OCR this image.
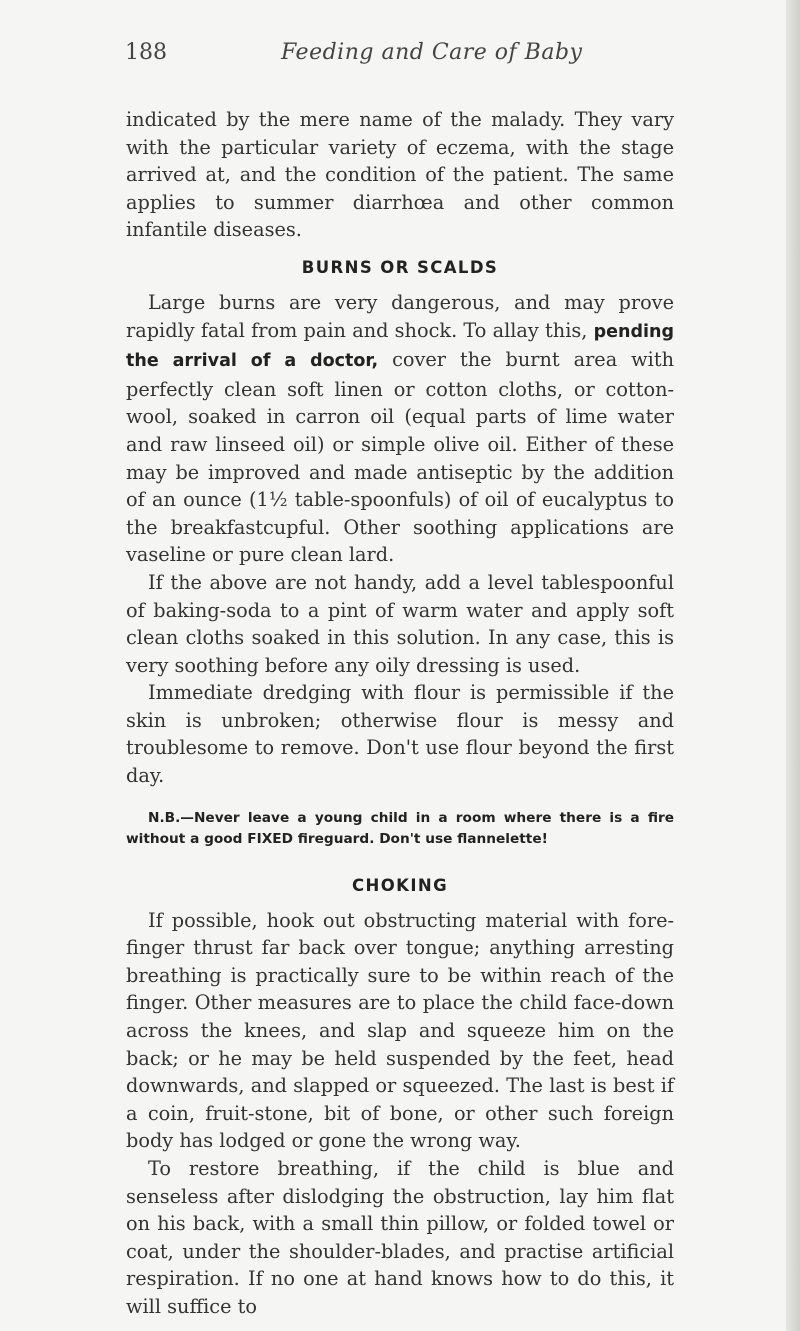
188	Feeding and Care of Baby

indicated by the mere name of the malady. They vary with the particular variety of eczema, with the stage arrived at, and the condition of the patient. The same applies to summer diarrhœa and other common infantile diseases.

BURNS OR SCALDS

Large burns are very dangerous, and may prove rapidly fatal from pain and shock. To allay this, pending the arrival of a doctor, cover the burnt area with perfectly clean soft linen or cotton cloths, or cotton-wool, soaked in carron oil (equal parts of lime water and raw linseed oil) or simple olive oil. Either of these may be improved and made antiseptic by the addition of an ounce (1½ table-spoonfuls) of oil of eucalyptus to the breakfastcupful. Other soothing applications are vaseline or pure clean lard.

If the above are not handy, add a level tablespoonful of baking-soda to a pint of warm water and apply soft clean cloths soaked in this solution. In any case, this is very soothing before any oily dressing is used.

Immediate dredging with flour is permissible if the skin is unbroken; otherwise flour is messy and troublesome to remove. Don't use flour beyond the first day.

N.B.—Never leave a young child in a room where there is a fire without a good FIXED fireguard. Don't use flannelette!

CHOKING

If possible, hook out obstructing material with fore-finger thrust far back over tongue; anything arresting breathing is practically sure to be within reach of the finger. Other measures are to place the child face-down across the knees, and slap and squeeze him on the back; or he may be held suspended by the feet, head downwards, and slapped or squeezed. The last is best if a coin, fruit-stone, bit of bone, or other such foreign body has lodged or gone the wrong way.

To restore breathing, if the child is blue and senseless after dislodging the obstruction, lay him flat on his back, with a small thin pillow, or folded towel or coat, under the shoulder-blades, and practise artificial respiration. If no one at hand knows how to do this, it will suffice to
